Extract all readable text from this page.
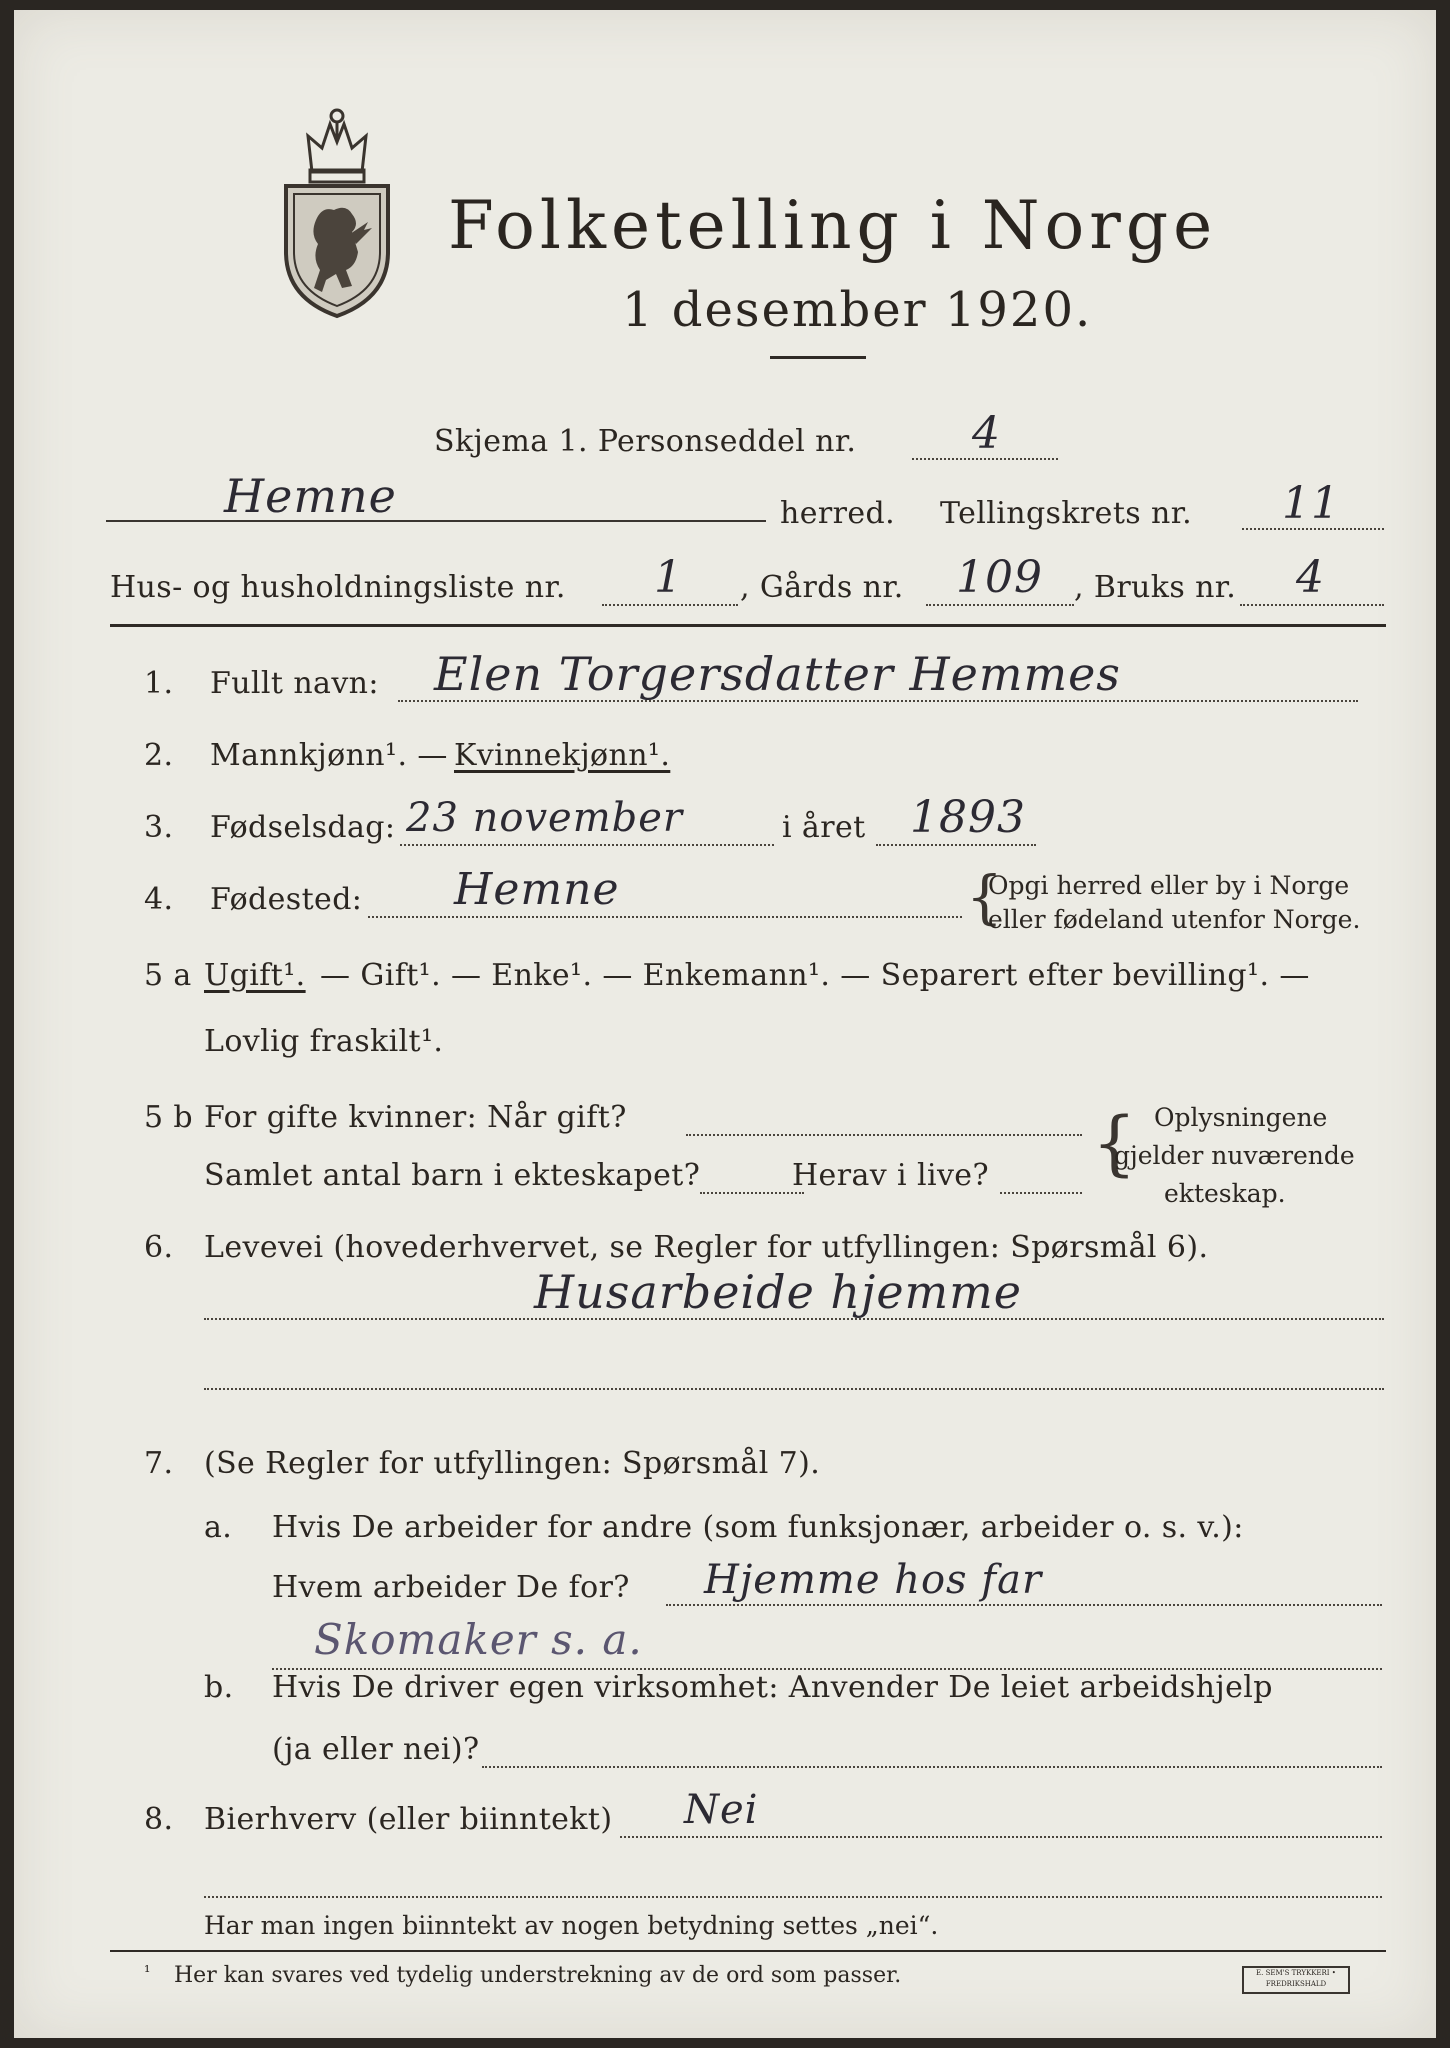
Folketelling i Norge
1 desember 1920.
Skjema 1. Personseddel nr.	4
Hemne	herred. Tellingskrets nr. 11
Hus- og husholdningsliste nr. 1 , Gårds nr. 109 , Bruks nr. 4
1. Fullt navn: Elen Torgersdatter Hemmes
2. Mannkjønn¹. — Kvinnekjønn¹.
3. Fødselsdag: 23 november	i året 1893
4. Fødested: Hemne	{
Opgi herred eller by i Norge
eller fødeland utenfor Norge.
5 a Ugift¹. — Gift¹. — Enke¹. — Enkemann¹. — Separert efter bevilling¹. —
Lovlig fraskilt¹.
5 b For gifte kvinner: Når gift?
Samlet antal barn i ekteskapet?	Herav i live? { Oplysningene
gjelder nuværende
ekteskap.
6. Levevei (hovederhvervet, se Regler for utfyllingen: Spørsmål 6).
Husarbeide hjemme
7. (Se Regler for utfyllingen: Spørsmål 7).
a. Hvis De arbeider for andre (som funksjonær, arbeider o. s. v.):
Hvem arbeider De for? Hjemme hos far
Skomaker s. a.
b. Hvis De driver egen virksomhet: Anvender De leiet arbeidshjelp
(ja eller nei)?
8. Bierhverv (eller biinntekt) Nei
Har man ingen biinntekt av nogen betydning settes „nei“.
¹ Her kan svares ved tydelig understrekning av de ord som passer.	E. SEM'S TRYKKERI • FREDRIKSHALD
